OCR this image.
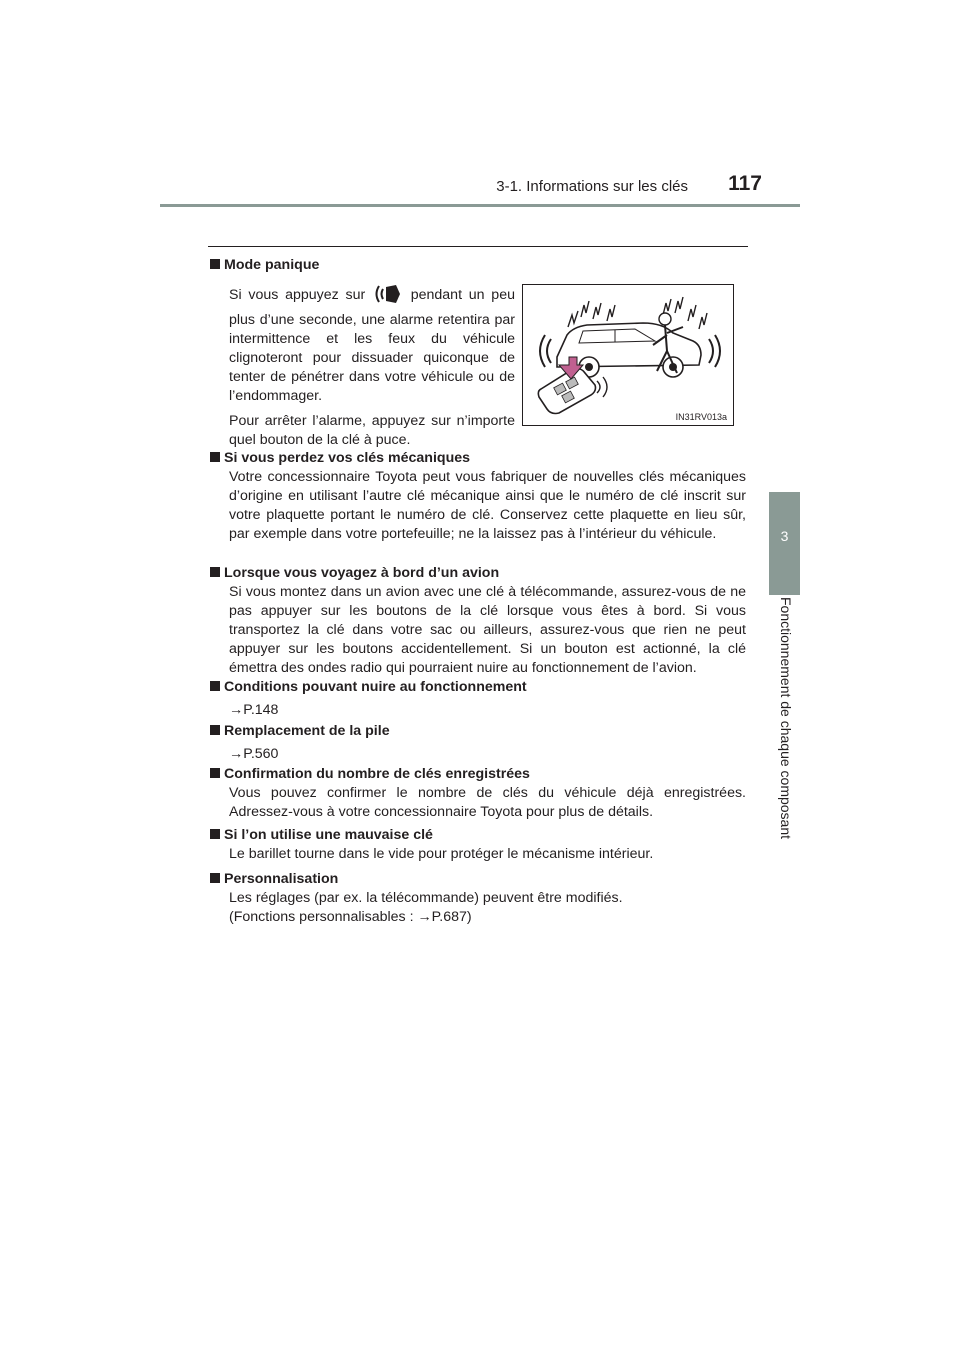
3-1. Informations sur les clés	117
3
Fonctionnement de chaque composant
Mode panique

Si vous appuyez sur	pendant un peu plus d’une seconde, une alarme retentira par intermittence et les feux du véhicule clignoteront pour dissuader quiconque de tenter de pénétrer dans votre véhicule ou de l’endommager.

Pour arrêter l’alarme, appuyez sur n’importe quel bouton de la clé à puce.

IN31RV013a
Si vous perdez vos clés mécaniques
Votre concessionnaire Toyota peut vous fabriquer de nouvelles clés mécaniques d’origine en utilisant l’autre clé mécanique ainsi que le numéro de clé inscrit sur votre plaquette portant le numéro de clé. Conservez cette plaquette en lieu sûr, par exemple dans votre portefeuille; ne la laissez pas à l’intérieur du véhicule.
Lorsque vous voyagez à bord d’un avion
Si vous montez dans un avion avec une clé à télécommande, assurez-vous de ne pas appuyer sur les boutons de la clé lorsque vous êtes à bord. Si vous transportez la clé dans votre sac ou ailleurs, assurez-vous que rien ne peut appuyer sur les boutons accidentellement. Si un bouton est actionné, la clé émettra des ondes radio qui pourraient nuire au fonctionnement de l’avion.
Conditions pouvant nuire au fonctionnement
→P.148
Remplacement de la pile
→P.560
Confirmation du nombre de clés enregistrées
Vous pouvez confirmer le nombre de clés du véhicule déjà enregistrées. Adressez-vous à votre concessionnaire Toyota pour plus de détails.
Si l’on utilise une mauvaise clé
Le barillet tourne dans le vide pour protéger le mécanisme intérieur.
Personnalisation

Les réglages (par ex. la télécommande) peuvent être modifiés.

(Fonctions personnalisables : →P.687)
